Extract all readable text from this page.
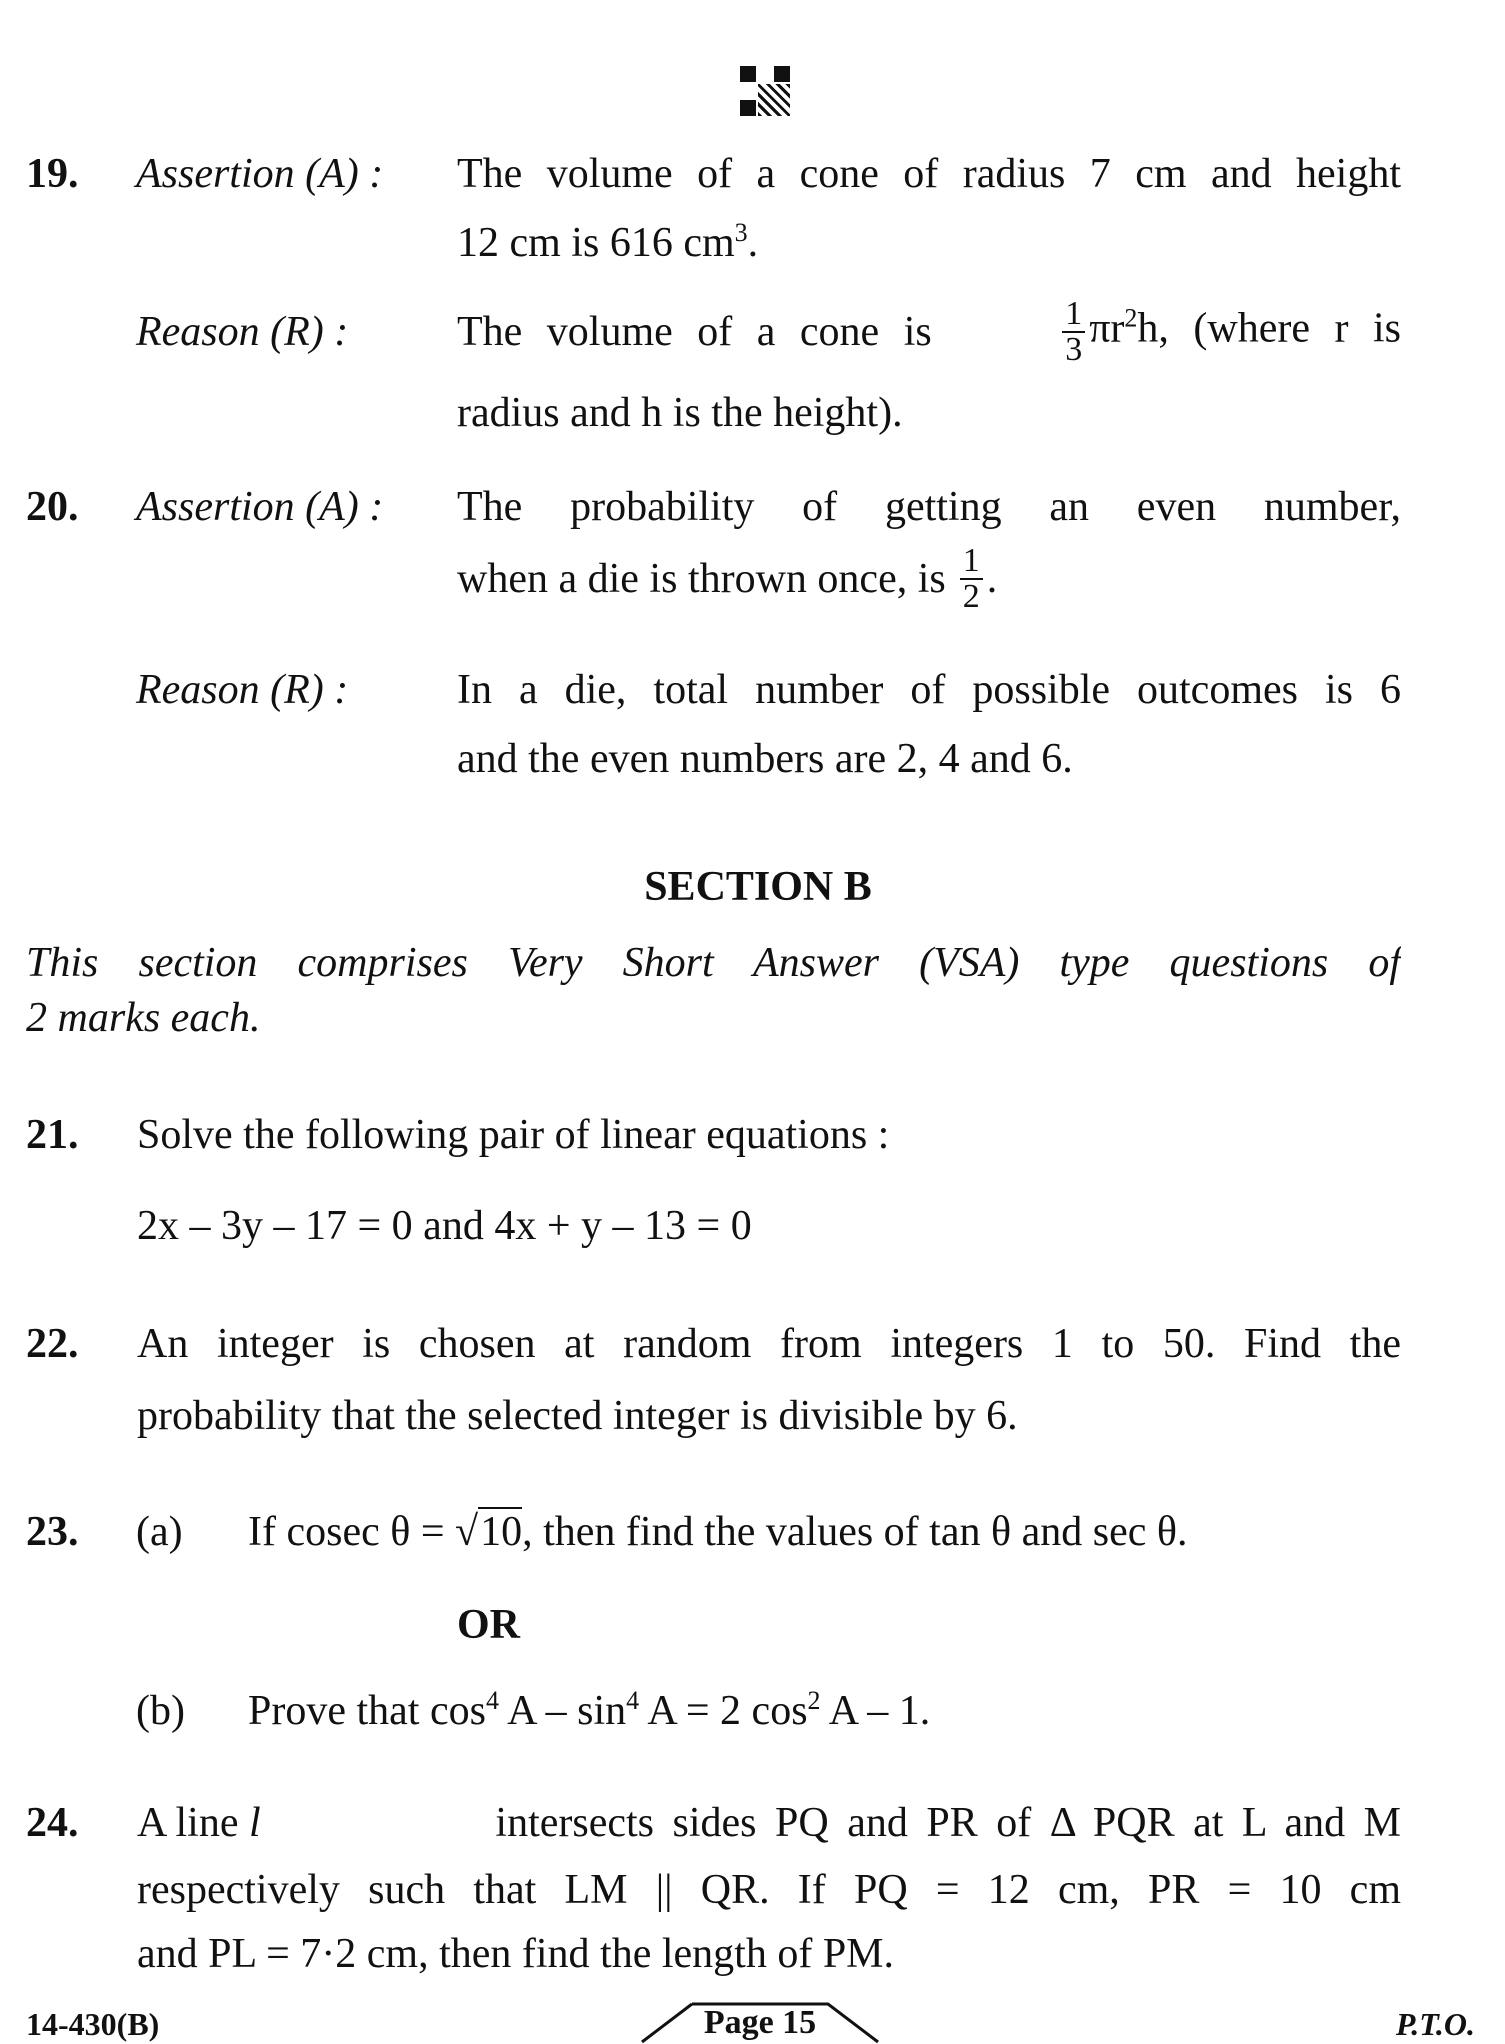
19. Assertion (A) : The volume of a cone of radius 7 cm and height
12 cm is 616 $cm^3$.
Reason (R) :	The volume of a cone is	$\frac{1}{3} \pi r^2h$, (where r is
radius and h is the height).
20. Assertion (A) : The probability of getting an even number,
when a die is thrown once, is $\frac{1}{2}$ .
Reason (R) :	In a die, total number of possible outcomes is 6
and the even numbers are 2, 4 and 6.
SECTION B
This section comprises Very Short Answer (VSA) type questions of
2 marks each.
21. Solve the following pair of linear equations :
2x – 3y – 17 = 0 and 4x + y – 13 = 0
22. An integer is chosen at random from integers 1 to 50. Find the
probability that the selected integer is divisible by 6.
23. (a) If cosec θ = √10, then find the values of tan θ and sec θ.
OR
(b) Prove that $\cos^4 A - \sin^4 A = 2$ $\cos^2 A - 1$.
24. A line l	intersects sides PQ and PR of Δ PQR at L and M
respectively such that LM || QR. If PQ = 12 cm, PR = 10 cm
and PL = 7·2 cm, then find the length of PM.
14-430(B)	Page 15	P.T.O.
